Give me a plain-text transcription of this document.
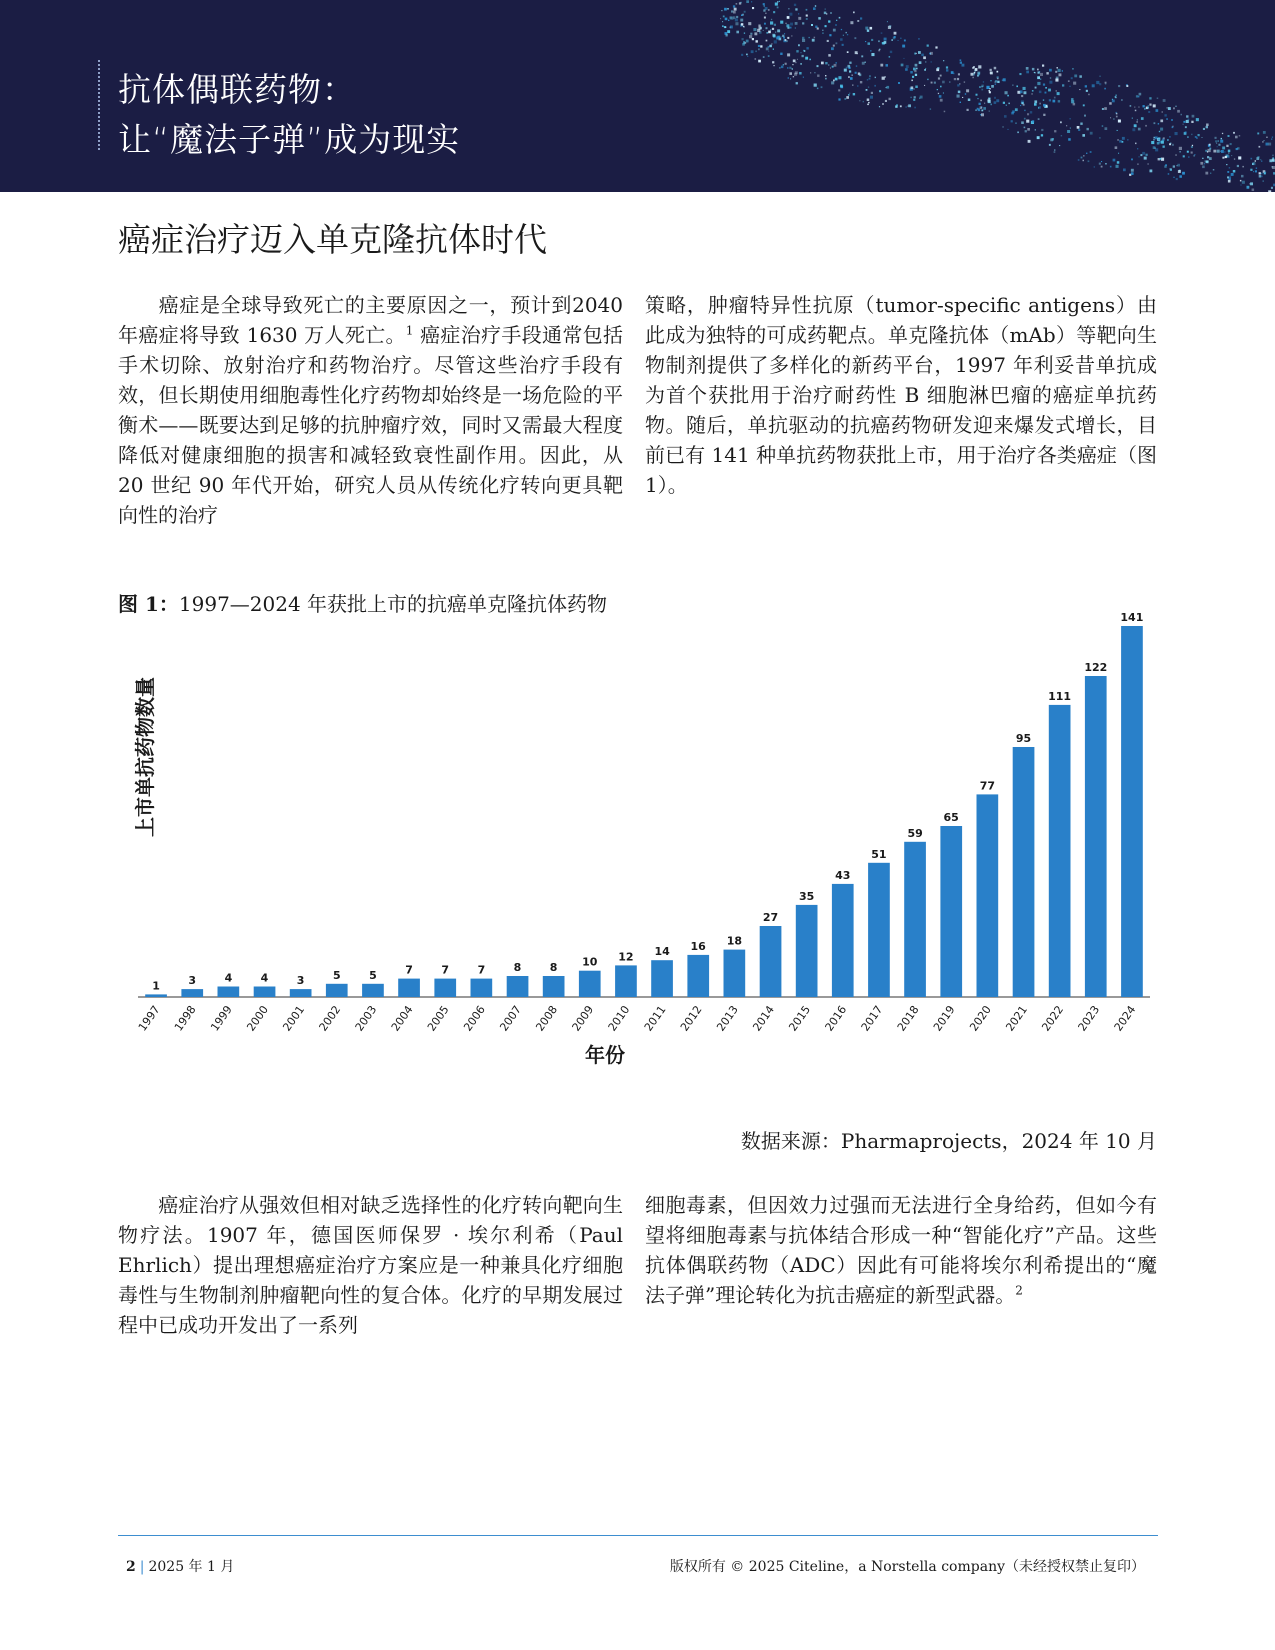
抗体偶联药物：
让“魔法子弹”成为现实
癌症治疗迈入单克隆抗体时代
癌症是全球导致死亡的主要原因之一，预计到2040 年癌症将导致 1630 万人死亡。$^1$ 癌症治疗手段通常包括手术切除、放射治疗和药物治疗。尽管这些治疗手段有效，但长期使用细胞毒性化疗药物却始终是一场危险的平衡术——既要达到足够的抗肿瘤疗效，同时又需最大程度降低对健康细胞的损害和减轻致衰性副作用。因此，从 20 世纪 90 年代开始，研究人员从传统化疗转向更具靶向性的治疗
策略，肿瘤特异性抗原（tumor-specific antigens）由此成为独特的可成药靶点。单克隆抗体（mAb）等靶向生物制剂提供了多样化的新药平台，1997 年利妥昔单抗成为首个获批用于治疗耐药性 B 细胞淋巴瘤的癌症单抗药物。随后，单抗驱动的抗癌药物研发迎来爆发式增长，目前已有 141 种单抗药物获批上市，用于治疗各类癌症（图 1）。
图 1：1997—2024 年获批上市的抗癌单克隆抗体药物
上市单抗药物数量
1
1997
3
1998
4
1999
4
2000
3
2001
5
2002
5
2003
7
2004
7
2005
7
2006
8
2007
8
2008
10
2009
12
2010
14
2011
16
2012
18
2013
27
2014
35
2015
43
2016
51
2017
59
2018
65
2019
77
2020
95
2021
111
2022
122
2023
141
2024
年份
数据来源：Pharmaprojects，2024 年 10 月
癌症治疗从强效但相对缺乏选择性的化疗转向靶向生物疗法。1907 年，德国医师保罗 · 埃尔利希（Paul Ehrlich）提出理想癌症治疗方案应是一种兼具化疗细胞毒性与生物制剂肿瘤靶向性的复合体。化疗的早期发展过程中已成功开发出了一系列
细胞毒素，但因效力过强而无法进行全身给药，但如今有望将细胞毒素与抗体结合形成一种“智能化疗”产品。这些抗体偶联药物（ADC）因此有可能将埃尔利希提出的“魔法子弹”理论转化为抗击癌症的新型武器。$^2$
2 | 2025 年 1 月	版权所有 © 2025 Citeline，a Norstella company（未经授权禁止复印）
